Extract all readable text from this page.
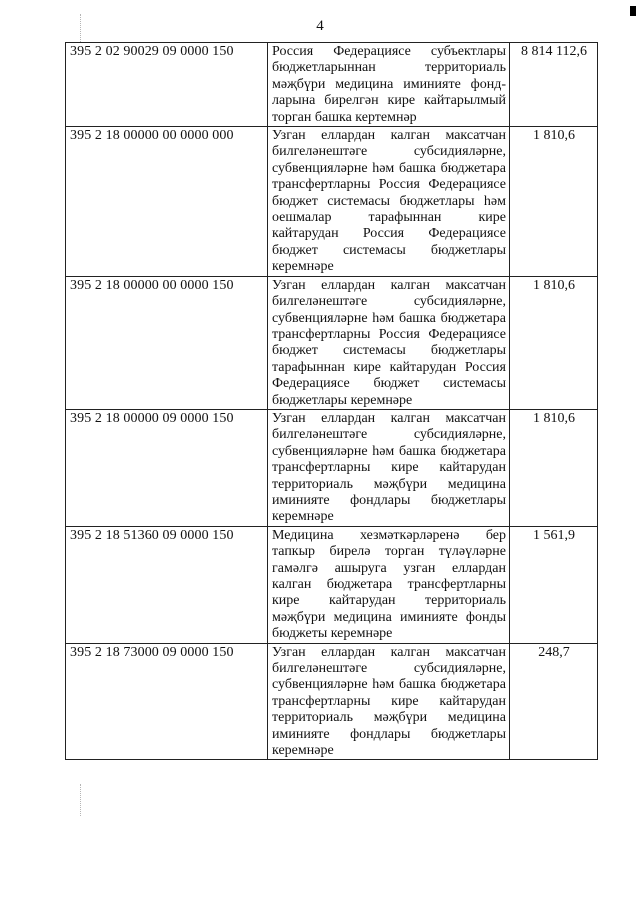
4
395 2 02 90029 09 0000 150	Россия Федерациясе субъектлары бюджетларыннан территориаль мәҗбүри медицина иминияте фондларына бирелгән кире кайтарылмый торган башка кертемнәр	8 814 112,6
395 2 18 00000 00 0000 000	Узган еллардан калган максатчан билгеләнештәге субсидияләрне, субвенцияләрне һәм башка бюджетара трансфертларны Россия Федерациясе бюджет системасы бюджетлары һәм оешмалар тарафыннан кире кайтарудан Россия Федерациясе бюджет системасы бюджетлары керемнәре	1 810,6
395 2 18 00000 00 0000 150	Узган еллардан калган максатчан билгеләнештәге субсидияләрне, субвенцияләрне һәм башка бюджетара трансфертларны Россия Федерациясе бюджет системасы бюджетлары тарафыннан кире кайтарудан Россия Федерациясе бюджет системасы бюджетлары керемнәре	1 810,6
395 2 18 00000 09 0000 150	Узган еллардан калган максатчан билгеләнештәге субсидияләрне, субвенцияләрне һәм башка бюджетара трансфертларны кире кайтарудан территориаль мәҗбүри медицина иминияте фондлары бюджетлары керемнәре	1 810,6
395 2 18 51360 09 0000 150	Медицина хезмәткәрләренә бер тапкыр бирелә торган түләүләрне гамәлгә ашыруга узган еллардан калган бюджетара трансфертларны кире кайтарудан территориаль мәҗбүри медицина иминияте фонды бюджеты керемнәре	1 561,9
395 2 18 73000 09 0000 150	Узган еллардан калган максатчан билгеләнештәге субсидияләрне, субвенцияләрне һәм башка бюджетара трансфертларны кире кайтарудан территориаль мәҗбүри медицина иминияте фондлары бюджетлары керемнәре	248,7
